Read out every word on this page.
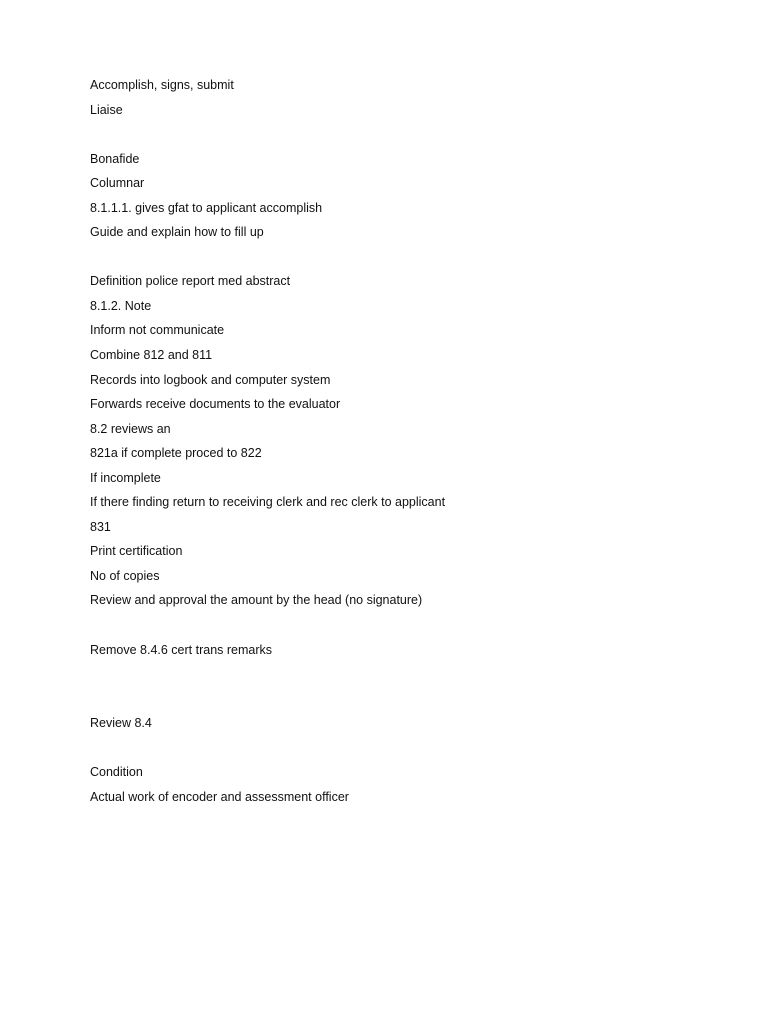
Accomplish, signs, submit

Liaise

Bonafide

Columnar

8.1.1.1. gives gfat to applicant accomplish

Guide and explain how to fill up

Definition police report med abstract

8.1.2. Note

Inform not communicate

Combine 812 and 811

Records into logbook and computer system

Forwards receive documents to the evaluator

8.2 reviews an

821a if complete proced to 822

If incomplete

If there finding return to receiving clerk and rec clerk to applicant

831

Print certification

No of copies

Review and approval the amount by the head (no signature)

Remove 8.4.6 cert trans remarks

Review 8.4

Condition

Actual work of encoder and assessment officer
